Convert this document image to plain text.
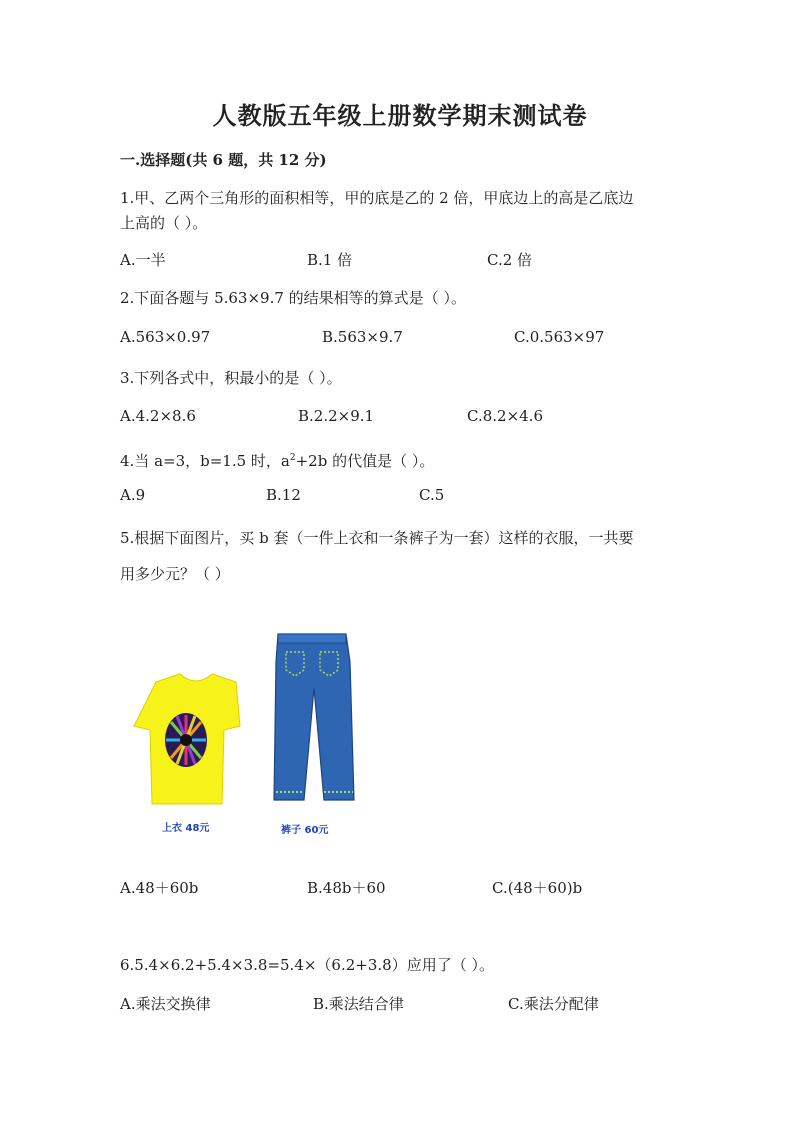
人教版五年级上册数学期末测试卷
一.选择题(共 6 题，共 12 分)
1.甲、乙两个三角形的面积相等，甲的底是乙的 2 倍，甲底边上的高是乙底边
上高的（ ）。
A.一半	B.1 倍	C.2 倍
2.下面各题与 5.63×9.7 的结果相等的算式是（ ）。
A.563×0.97	B.563×9.7	C.0.563×97
3.下列各式中，积最小的是（ ）。
A.4.2×8.6	B.2.2×9.1	C.8.2×4.6
4.当 a=3，b=1.5 时，$a^2+2b$ 的代值是（ ）。
A.9	B.12	C.5
5.根据下面图片，买 b 套（一件上衣和一条裤子为一套）这样的衣服，一共要
用多少元？（ ）
上衣 48元	裤子 60元
A.48＋60b	B.48b＋60	C.(48＋60)b
6.5.4×6.2+5.4×3.8=5.4×（6.2+3.8）应用了（ ）。
A.乘法交换律	B.乘法结合律	C.乘法分配律
